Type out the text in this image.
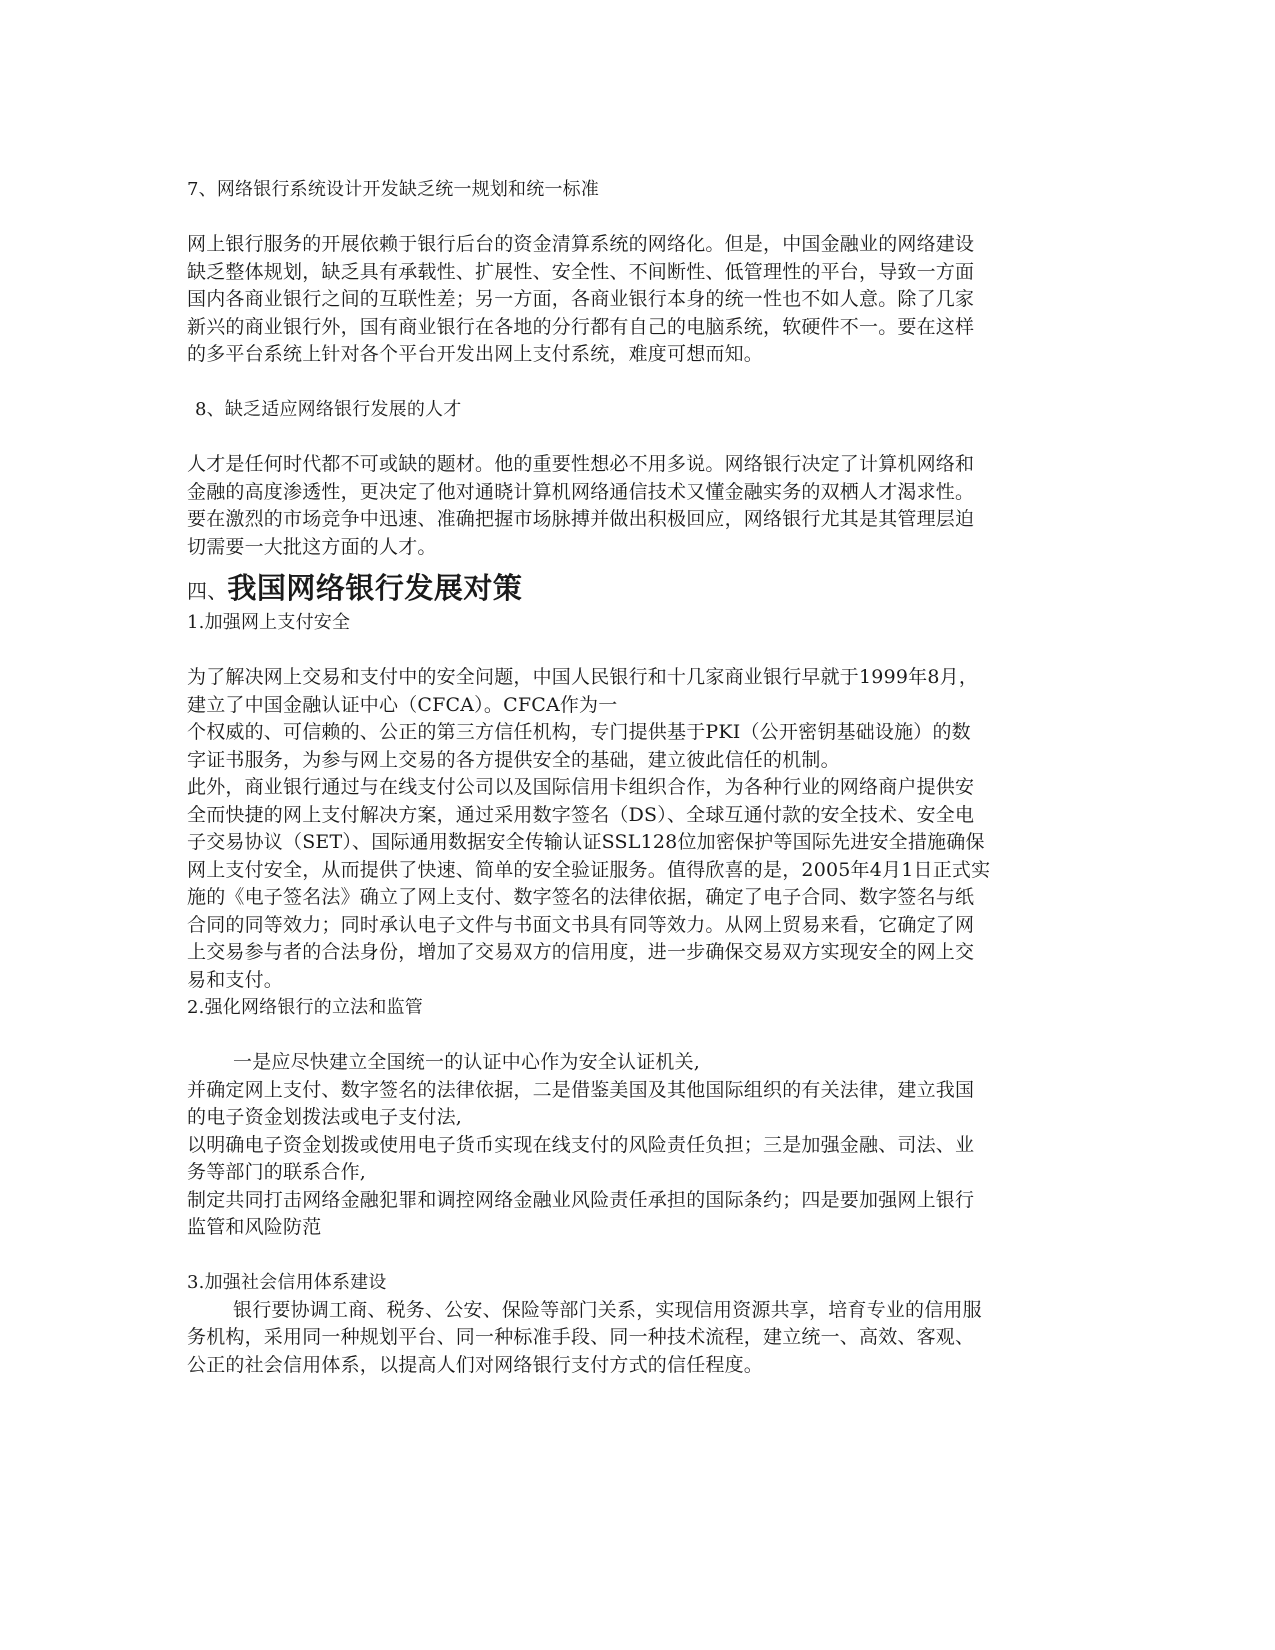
7、网络银行系统设计开发缺乏统一规划和统一标准
网上银行服务的开展依赖于银行后台的资金清算系统的网络化。但是，中国金融业的网络建设
缺乏整体规划，缺乏具有承载性、扩展性、安全性、不间断性、低管理性的平台，导致一方面
国内各商业银行之间的互联性差；另一方面，各商业银行本身的统一性也不如人意。除了几家
新兴的商业银行外，国有商业银行在各地的分行都有自己的电脑系统，软硬件不一。要在这样
的多平台系统上针对各个平台开发出网上支付系统，难度可想而知。
8、缺乏适应网络银行发展的人才
人才是任何时代都不可或缺的题材。他的重要性想必不用多说。网络银行决定了计算机网络和
金融的高度渗透性，更决定了他对通晓计算机网络通信技术又懂金融实务的双栖人才渴求性。
要在激烈的市场竞争中迅速、准确把握市场脉搏并做出积极回应，网络银行尤其是其管理层迫
切需要一大批这方面的人才。
四、我国网络银行发展对策
1.加强网上支付安全
为了解决网上交易和支付中的安全问题，中国人民银行和十几家商业银行早就于1999年8月，
建立了中国金融认证中心（CFCA）。CFCA作为一
个权威的、可信赖的、公正的第三方信任机构，专门提供基于PKI（公开密钥基础设施）的数
字证书服务，为参与网上交易的各方提供安全的基础，建立彼此信任的机制。
此外，商业银行通过与在线支付公司以及国际信用卡组织合作，为各种行业的网络商户提供安
全而快捷的网上支付解决方案，通过采用数字签名（DS）、全球互通付款的安全技术、安全电
子交易协议（SET）、国际通用数据安全传输认证SSL128位加密保护等国际先进安全措施确保
网上支付安全，从而提供了快速、简单的安全验证服务。值得欣喜的是，2005年4月1日正式实
施的《电子签名法》确立了网上支付、数字签名的法律依据，确定了电子合同、数字签名与纸
合同的同等效力；同时承认电子文件与书面文书具有同等效力。从网上贸易来看，它确定了网
上交易参与者的合法身份，增加了交易双方的信用度，进一步确保交易双方实现安全的网上交
易和支付。
2.强化网络银行的立法和监管
一是应尽快建立全国统一的认证中心作为安全认证机关,
并确定网上支付、数字签名的法律依据，二是借鉴美国及其他国际组织的有关法律，建立我国
的电子资金划拨法或电子支付法,
以明确电子资金划拨或使用电子货币实现在线支付的风险责任负担；三是加强金融、司法、业
务等部门的联系合作,
制定共同打击网络金融犯罪和调控网络金融业风险责任承担的国际条约；四是要加强网上银行
监管和风险防范
3.加强社会信用体系建设
银行要协调工商、税务、公安、保险等部门关系，实现信用资源共享，培育专业的信用服
务机构，采用同一种规划平台、同一种标准手段、同一种技术流程，建立统一、高效、客观、
公正的社会信用体系，以提高人们对网络银行支付方式的信任程度。
